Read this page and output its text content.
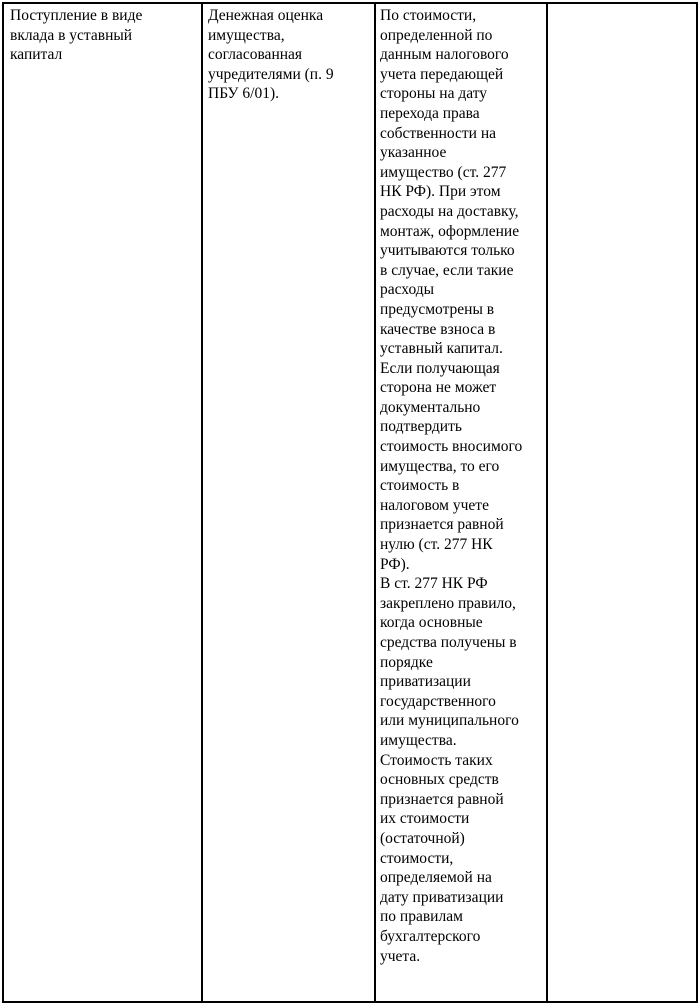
Поступление в виде
вклада в уставный
капитал

Денежная оценка
имущества,
согласованная
учредителями (п. 9
ПБУ 6/01).

По стоимости,
определенной по
данным налогового
учета передающей
стороны на дату
перехода права
собственности на
указанное
имущество (ст. 277
НК РФ). При этом
расходы на доставку,
монтаж, оформление
учитываются только
в случае, если такие
расходы
предусмотрены в
качестве взноса в
уставный капитал.
Если получающая
сторона не может
документально
подтвердить
стоимость вносимого
имущества, то его
стоимость в
налоговом учете
признается равной
нулю (ст. 277 НК
РФ).
В ст. 277 НК РФ
закреплено правило,
когда основные
средства получены в
порядке
приватизации
государственного
или муниципального
имущества.
Стоимость таких
основных средств
признается равной
их стоимости
(остаточной)
стоимости,
определяемой на
дату приватизации
по правилам
бухгалтерского
учета.
